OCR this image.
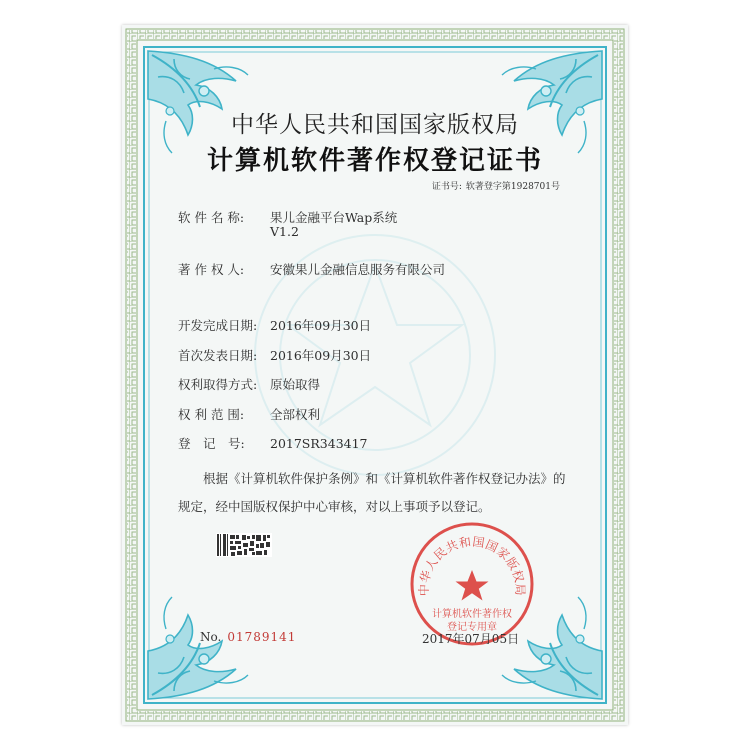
中华人民共和国国家版权局
计算机软件著作权登记证书
证书号: 软著登字第1928701号
软 件 名 称: 果儿金融平台Wap系统
V1.2
著 作 权 人: 安徽果儿金融信息服务有限公司
开发完成日期: 2016年09月30日
首次发表日期: 2016年09月30日
权利取得方式: 原始取得
权 利 范 围: 全部权利
登　记　号: 2017SR343417
根据《计算机软件保护条例》和《计算机软件著作权登记办法》的
规定，经中国版权保护中心审核，对以上事项予以登记。
No. 01789141
中华人民共和国国家版权局
计算机软件著作权
登记专用章
2017年07月05日
